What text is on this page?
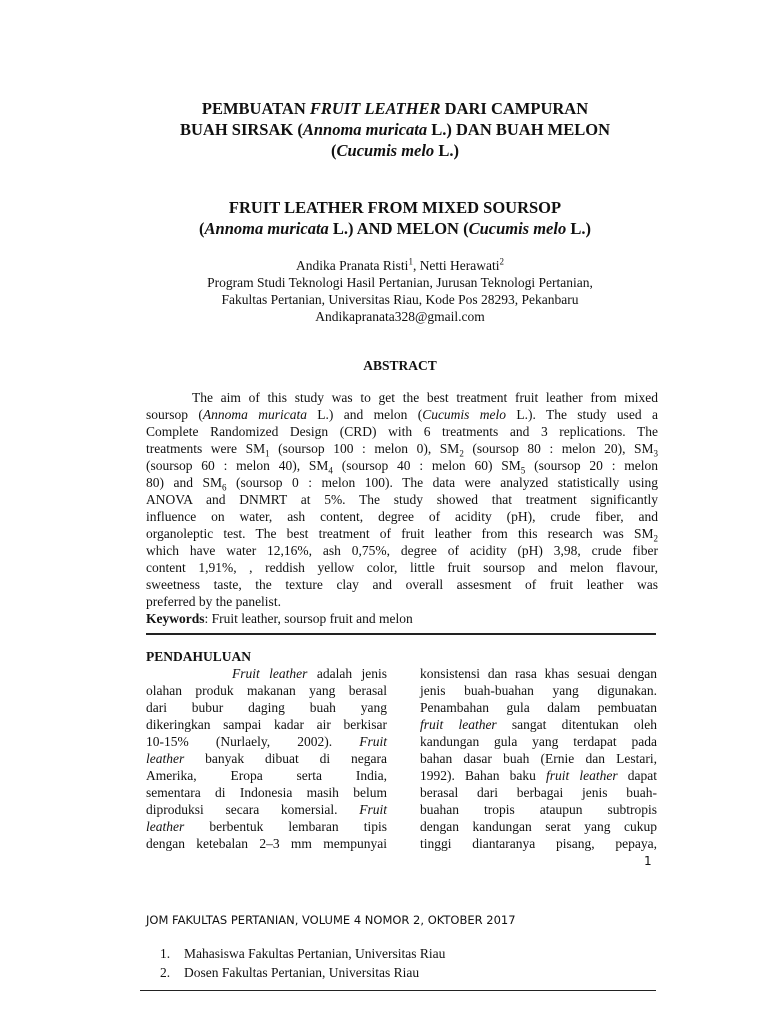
PEMBUATAN FRUIT LEATHER DARI CAMPURAN
BUAH SIRSAK (Annoma muricata L.) DAN BUAH MELON
(Cucumis melo L.)
FRUIT LEATHER FROM MIXED SOURSOP
(Annoma muricata L.) AND MELON (Cucumis melo L.)
Andika Pranata Risti$^1$, Netti Herawati$^2$
Program Studi Teknologi Hasil Pertanian, Jurusan Teknologi Pertanian,
Fakultas Pertanian, Universitas Riau, Kode Pos 28293, Pekanbaru
Andikapranata328@gmail.com
ABSTRACT
The aim of this study was to get the best treatment fruit leather from mixed
soursop (Annoma muricata L.) and melon (Cucumis melo L.). The study used a
Complete Randomized Design (CRD) with 6 treatments and 3 replications. The
treatments were $SM_1$ (soursop 100 : melon 0), $SM_2$ (soursop 80 : melon 20), $SM_3$
(soursop 60 : melon 40), $SM_4$ (soursop 40 : melon 60) $SM_5$ (soursop 20 : melon
80) and $SM_6$ (soursop 0 : melon 100). The data were analyzed statistically using
ANOVA and DNMRT at 5%. The study showed that treatment significantly
influence on water, ash content, degree of acidity (pH), crude fiber, and
organoleptic test. The best treatment of fruit leather from this research was $SM_2$
which have water 12,16%, ash 0,75%, degree of acidity (pH) 3,98, crude fiber
content 1,91%, , reddish yellow color, little fruit soursop and melon flavour,
sweetness taste, the texture clay and overall assesment of fruit leather was
preferred by the panelist.
Keywords: Fruit leather, soursop fruit and melon
PENDAHULUAN
Fruit leather adalah jenis
olahan produk makanan yang berasal
dari bubur daging buah yang
dikeringkan sampai kadar air berkisar
10-15% (Nurlaely, 2002). Fruit
leather banyak dibuat di negara
Amerika, Eropa serta India,
sementara di Indonesia masih belum
diproduksi secara komersial. Fruit
leather berbentuk lembaran tipis
dengan ketebalan 2–3 mm mempunyai
konsistensi dan rasa khas sesuai dengan
jenis buah-buahan yang digunakan.
Penambahan gula dalam pembuatan
fruit leather sangat ditentukan oleh
kandungan gula yang terdapat pada
bahan dasar buah (Ernie dan Lestari,
1992). Bahan baku fruit leather dapat
berasal dari berbagai jenis buah-
buahan tropis ataupun subtropis
dengan kandungan serat yang cukup
tinggi diantaranya pisang, pepaya,
1
JOM FAKULTAS PERTANIAN, VOLUME 4 NOMOR 2, OKTOBER 2017
1. Mahasiswa Fakultas Pertanian, Universitas Riau
2. Dosen Fakultas Pertanian, Universitas Riau
